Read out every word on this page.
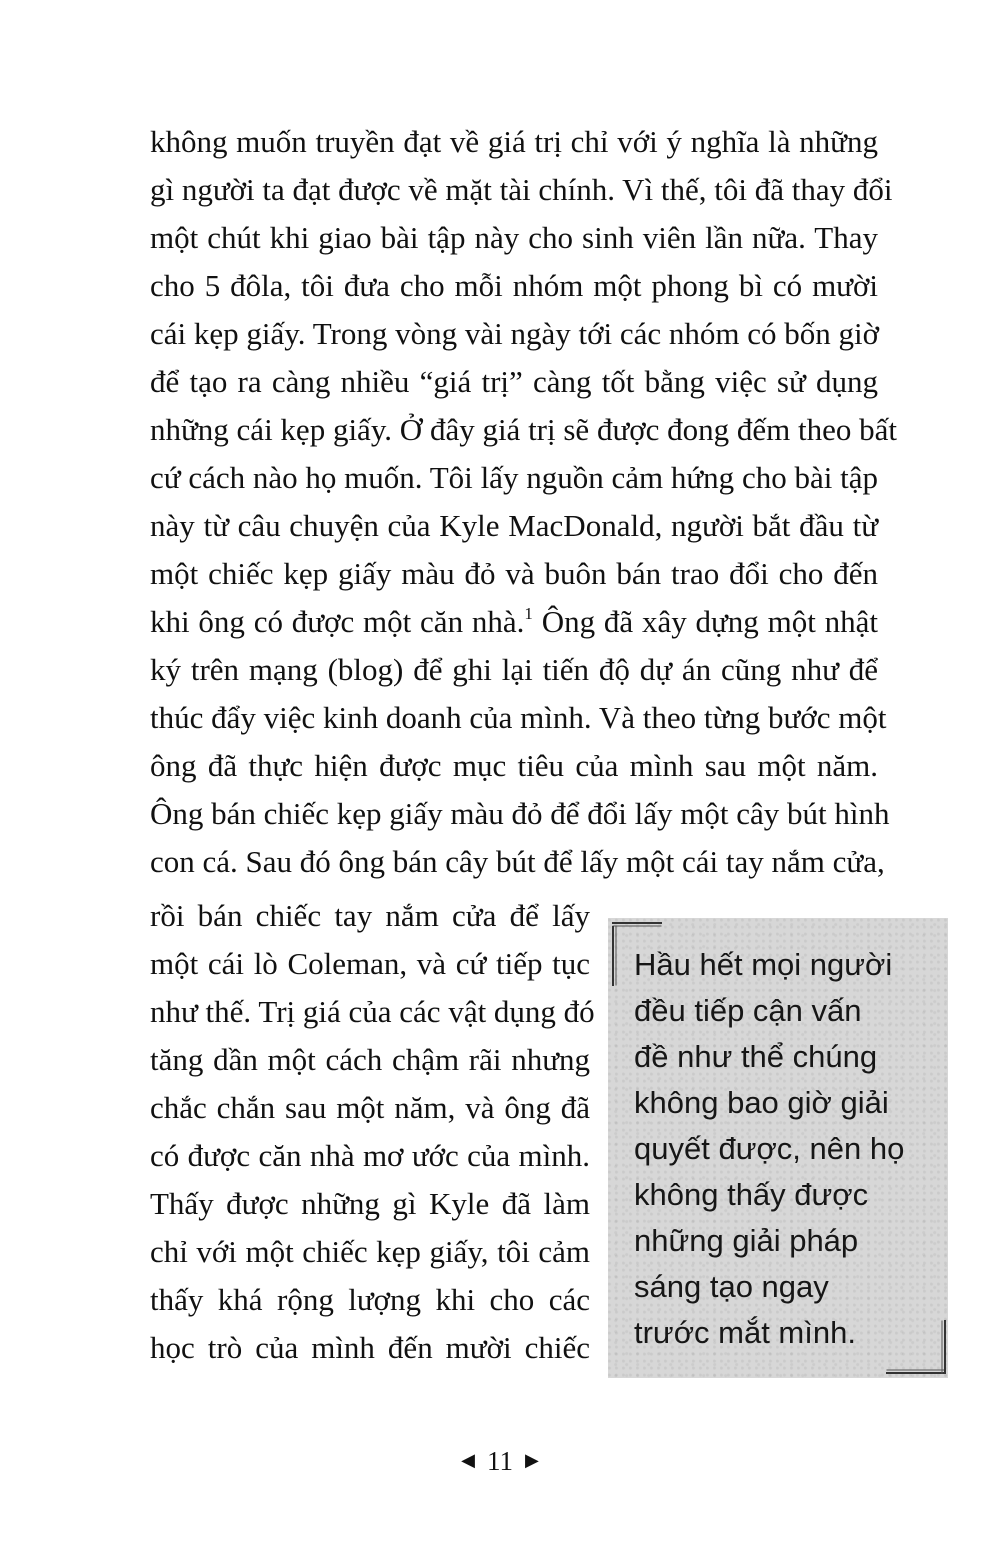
không muốn truyền đạt về giá trị chỉ với ý nghĩa là những
gì người ta đạt được về mặt tài chính. Vì thế, tôi đã thay đổi
một chút khi giao bài tập này cho sinh viên lần nữa. Thay
cho 5 đôla, tôi đưa cho mỗi nhóm một phong bì có mười
cái kẹp giấy. Trong vòng vài ngày tới các nhóm có bốn giờ
để tạo ra càng nhiều “giá trị” càng tốt bằng việc sử dụng
những cái kẹp giấy. Ở đây giá trị sẽ được đong đếm theo bất
cứ cách nào họ muốn. Tôi lấy nguồn cảm hứng cho bài tập
này từ câu chuyện của Kyle MacDonald, người bắt đầu từ
một chiếc kẹp giấy màu đỏ và buôn bán trao đổi cho đến
khi ông có được một căn nhà.$^1$ Ông đã xây dựng một nhật
ký trên mạng (blog) để ghi lại tiến độ dự án cũng như để
thúc đẩy việc kinh doanh của mình. Và theo từng bước một
ông đã thực hiện được mục tiêu của mình sau một năm.
Ông bán chiếc kẹp giấy màu đỏ để đổi lấy một cây bút hình
con cá. Sau đó ông bán cây bút để lấy một cái tay nắm cửa,
rồi bán chiếc tay nắm cửa để lấy
một cái lò Coleman, và cứ tiếp tục
như thế. Trị giá của các vật dụng đó
tăng dần một cách chậm rãi nhưng
chắc chắn sau một năm, và ông đã
có được căn nhà mơ ước của mình.
Thấy được những gì Kyle đã làm
chỉ với một chiếc kẹp giấy, tôi cảm
thấy khá rộng lượng khi cho các
học trò của mình đến mười chiếc
Hầu hết mọi người
đều tiếp cận vấn
đề như thể chúng
không bao giờ giải
quyết được, nên họ
không thấy được
những giải pháp
sáng tạo ngay
trước mắt mình.
◀ 11 ▶
